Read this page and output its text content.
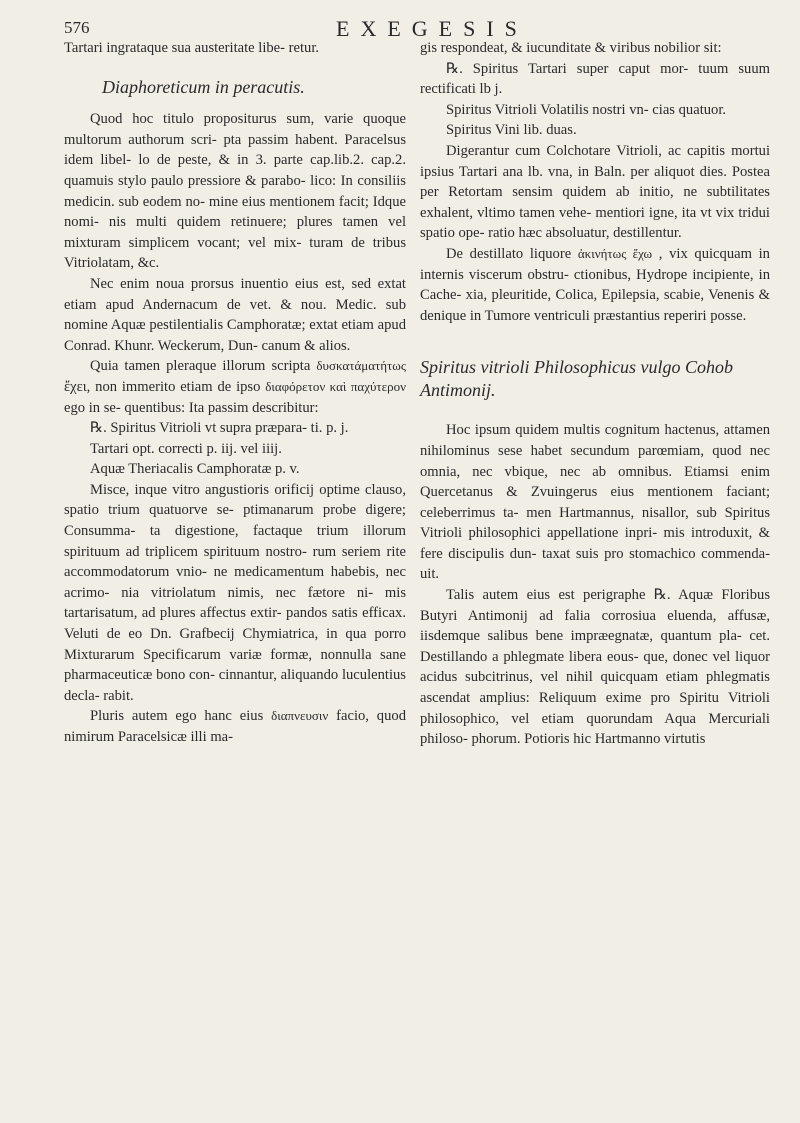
576	EXEGESIS
Tartari ingrataque sua austeritate libe- retur.
Diaphoreticum in peracutis.
Quod hoc titulo propositurus sum, varie quoque multorum authorum scri- pta passim habent. Paracelsus idem libel- lo de peste, & in 3. parte cap.lib.2. cap.2. quamuis stylo paulo pressiore & parabo- lico: In consiliis medicin. sub eodem no- mine eius mentionem facit; Idque nomi- nis multi quidem retinuere; plures tamen vel mixturam simplicem vocant; vel mix- turam de tribus Vitriolatam, &c.
Nec enim noua prorsus inuentio eius est, sed extat etiam apud Andernacum de vet. & nou. Medic. sub nomine Aquæ pestilentialis Camphoratæ; extat etiam apud Conrad. Khunr. Weckerum, Dun- canum & alios.
Quia tamen pleraque illorum scripta δυσκατάματήτως ἔχει, non immerito etiam de ipso διαφόρετον καὶ παχύτερον ego in se- quentibus: Ita passim describitur:
℞. Spiritus Vitrioli vt supra præpara- ti. p. j.
Tartari opt. correcti p. iij. vel iiij.
Aquæ Theriacalis Camphoratæ p. v.
Misce, inque vitro angustioris orificij optime clauso, spatio trium quatuorve se- ptimanarum probe digere; Consumma- ta digestione, factaque trium illorum spirituum ad triplicem spirituum nostro- rum seriem rite accommodatorum vnio- ne medicamentum habebis, nec acrimo- nia vitriolatum nimis, nec fætore ni- mis tartarisatum, ad plures affectus extir- pandos satis efficax. Veluti de eo Dn. Grafbecij Chymiatrica, in qua porro Mixturarum Specificarum variæ formæ, nonnulla sane pharmaceuticæ bono con- cinnantur, aliquando luculentius decla- rabit.
Pluris autem ego hanc eius διαπνευσιν facio, quod nimirum Paracelsicæ illi ma-
gis respondeat, & iucunditate & viribus nobilior sit:
℞. Spiritus Tartari super caput mor- tuum suum rectificati lb j.
Spiritus Vitrioli Volatilis nostri vn- cias quatuor.
Spiritus Vini lib. duas.
Digerantur cum Colchotare Vitrioli, ac capitis mortui ipsius Tartari ana lb. vna, in Baln. per aliquot dies. Postea per Retortam sensim quidem ab initio, ne subtilitates exhalent, vltimo tamen vehe- mentiori igne, ita vt vix tridui spatio ope- ratio hæc absoluatur, destillentur.
De destillato liquore ἀκινήτως ἔχω , vix quicquam in internis viscerum obstru- ctionibus, Hydrope incipiente, in Cache- xia, pleuritide, Colica, Epilepsia, scabie, Venenis & denique in Tumore ventriculi præstantius reperiri posse.
Spiritus vitrioli Philosophicus vulgo Cohob Antimonij.
Hoc ipsum quidem multis cognitum hactenus, attamen nihilominus sese habet secundum parœmiam, quod nec omnia, nec vbique, nec ab omnibus. Etiamsi enim Quercetanus & Zvuingerus eius mentionem faciant; celeberrimus ta- men Hartmannus, nisallor, sub Spiritus Vitrioli philosophici appellatione inpri- mis introduxit, & fere discipulis dun- taxat suis pro stomachico commenda- uit.
Talis autem eius est perigraphe ℞. Aquæ Floribus Butyri Antimonij ad falia corrosiua eluenda, affusæ, iisdemque salibus bene impræegnatæ, quantum pla- cet. Destillando a phlegmate libera eous- que, donec vel liquor acidus subcitrinus, vel nihil quicquam etiam phlegmatis ascendat amplius: Reliquum exime pro Spiritu Vitrioli philosophico, vel etiam quorundam Aqua Mercuriali philoso- phorum. Potioris hic Hartmanno virtutis
